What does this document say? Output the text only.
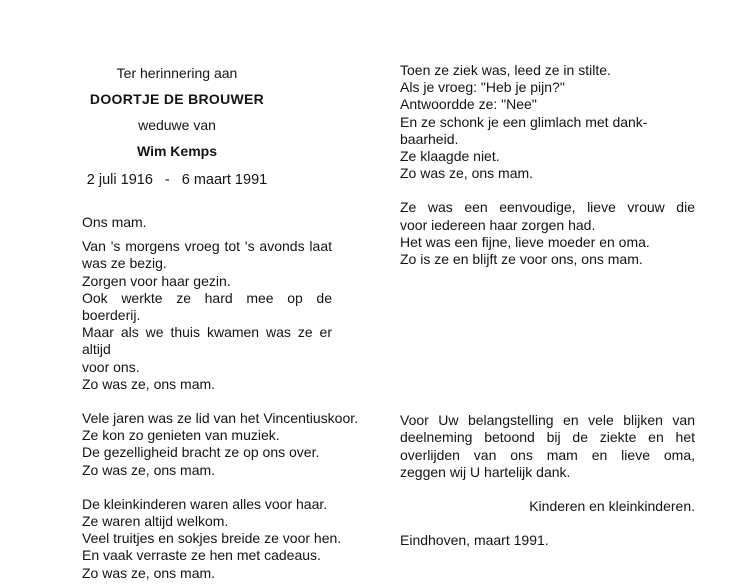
Ter herinnering aan
DOORTJE DE BROUWER
weduwe van
Wim Kemps
2 juli 1916 - 6 maart 1991
Ons mam.
Van 's morgens vroeg tot 's avonds laat
was ze bezig.
Zorgen voor haar gezin.
Ook werkte ze hard mee op de boerderij.
Maar als we thuis kwamen was ze er altijd
voor ons.
Zo was ze, ons mam.
Vele jaren was ze lid van het Vincentiuskoor.
Ze kon zo genieten van muziek.
De gezelligheid bracht ze op ons over.
Zo was ze, ons mam.
De kleinkinderen waren alles voor haar.
Ze waren altijd welkom.
Veel truitjes en sokjes breide ze voor hen.
En vaak verraste ze hen met cadeaus.
Zo was ze, ons mam.
Toen ze ziek was, leed ze in stilte.
Als je vroeg: "Heb je pijn?"
Antwoordde ze: "Nee"
En ze schonk je een glimlach met dank-
baarheid.
Ze klaagde niet.
Zo was ze, ons mam.
Ze was een eenvoudige, lieve vrouw die
voor iedereen haar zorgen had.
Het was een fijne, lieve moeder en oma.
Zo is ze en blijft ze voor ons, ons mam.
Voor Uw belangstelling en vele blijken van
deelneming betoond bij de ziekte en het
overlijden van ons mam en lieve oma,
zeggen wij U hartelijk dank.
Kinderen en kleinkinderen.
Eindhoven, maart 1991.
